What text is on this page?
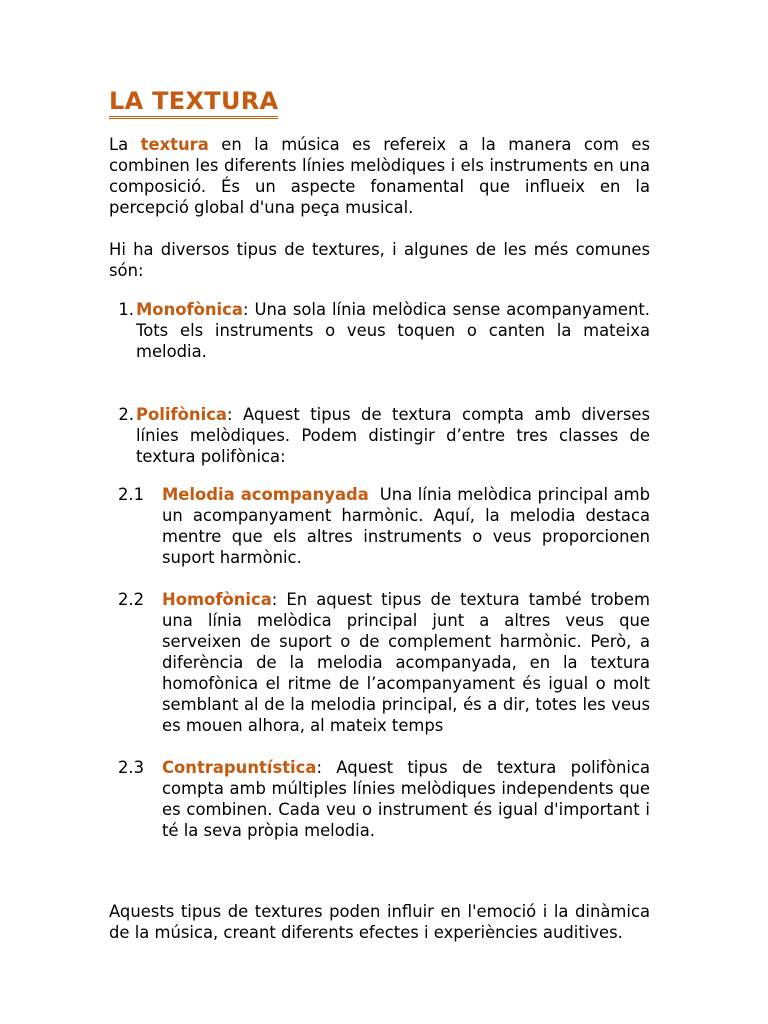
LA TEXTURA

La textura en la música es refereix a la manera com es combinen les diferents línies melòdiques i els instruments en una composició. És un aspecte fonamental que influeix en la percepció global d'una peça musical.

Hi ha diversos tipus de textures, i algunes de les més comunes són:

1. Monofònica: Una sola línia melòdica sense acompanyament. Tots els instruments o veus toquen o canten la mateixa melodia.
2. Polifònica: Aquest tipus de textura compta amb diverses línies melòdiques. Podem distingir d’entre tres classes de textura polifònica:
2.1	Melodia acompanyada  Una línia melòdica principal amb un acompanyament harmònic. Aquí, la melodia destaca mentre que els altres instruments o veus proporcionen suport harmònic.
2.2	Homofònica: En aquest tipus de textura també trobem una línia melòdica principal junt a altres veus que serveixen de suport o de complement harmònic. Però, a diferència de la melodia acompanyada, en la textura homofònica el ritme de l’acompanyament és igual o molt semblant al de la melodia principal, és a dir, totes les veus es mouen alhora, al mateix temps
2.3	Contrapuntística: Aquest tipus de textura polifònica compta amb múltiples línies melòdiques independents que es combinen. Cada veu o instrument és igual d'important i té la seva pròpia melodia.

Aquests tipus de textures poden influir en l'emoció i la dinàmica de la música, creant diferents efectes i experiències auditives.
